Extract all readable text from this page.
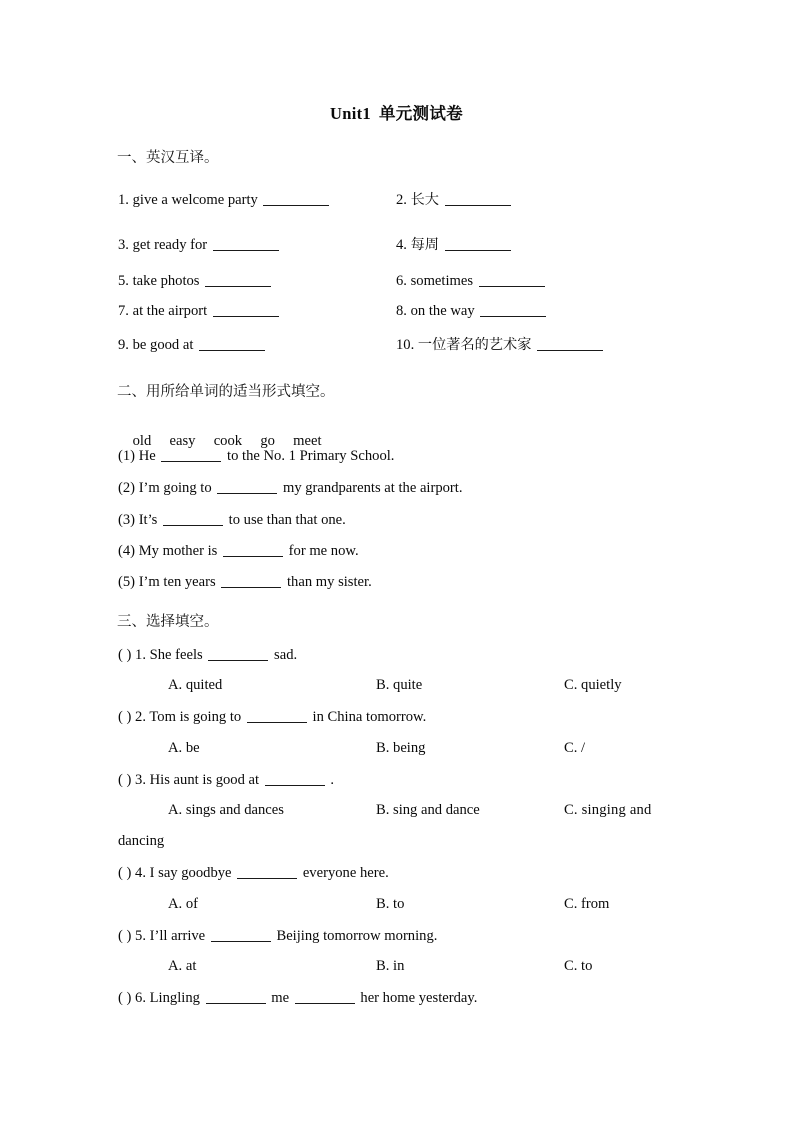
Unit1 单元测试卷
一、英汉互译。
1. give a welcome party	2. 长大
3. get ready for	4. 每周
5. take photos	6. sometimes
7. at the airport	8. on the way
9. be good at	10. 一位著名的艺术家
二、用所给单词的适当形式填空。

old easy cook go meet

(1) He	to the No. 1 Primary School.
(2) I’m going to	my grandparents at the airport.
(3) It’s	to use than that one.
(4) My mother is	for me now.
(5) I’m ten years	than my sister.
三、选择填空。
( ) 1. She feels	sad.
A. quited	B. quite	C. quietly
( ) 2. Tom is going to	in China tomorrow.
A. be	B. being	C. /
( ) 3. His aunt is good at	.
A. sings and dances	B. sing and dance	C. singing and
dancing
( ) 4. I say goodbye	everyone here.
A. of	B. to	C. from
( ) 5. I’ll arrive	Beijing tomorrow morning.
A. at	B. in	C. to
( ) 6. Lingling	me	her home yesterday.
